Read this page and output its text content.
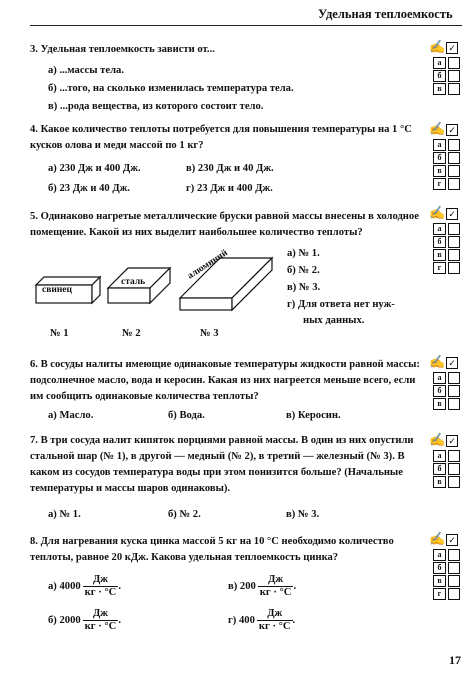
Удельная теплоемкость
3. Удельная теплоемкость зависти от...
а) ...массы тела.
б) ...того, на сколько изменилась температура тела.
в) ...рода вещества, из которого состоит тело.
4. Какое количество теплоты потребуется для повышения температуры на 1 °С кусков олова и меди массой по 1 кг?
а) 230 Дж и 400 Дж.	в) 230 Дж и 40 Дж.
б) 23 Дж и 40 Дж.	г) 23 Дж и 400 Дж.
5. Одинаково нагретые металлические бруски равной массы внесены в холодное помещение. Какой из них выделит наибольшее количество теплоты?
а) № 1.
б) № 2.
в) № 3.
г) Для ответа нет нуж-
ных данных.
свинец
сталь
алюминий
№ 1	№ 2	№ 3
6. В сосуды налиты имеющие одинаковые температуры жидкости равной массы: подсолнечное масло, вода и керосин. Какая из них нагреется меньше всего, если им сообщить одинаковые количества теплоты?
а) Масло.	б) Вода.	в) Керосин.
7. В три сосуда налит кипяток порциями равной массы. В один из них опустили стальной шар (№ 1), в другой — медный (№ 2), в третий — железный (№ 3). В каком из сосудов температура воды при этом понизится больше? (Начальные температуры и массы шаров одинаковы).
а) № 1.	б) № 2.	в) № 3.
8. Для нагревания куска цинка массой 5 кг на 10 °С необходимо количество теплоты, равное 20 кДж. Какова удельная теплоемкость цинка?
а) $4000 \frac{Дж}{кг \cdot ^\circ С}$ .	в) $200 \frac{Дж}{кг \cdot ^\circ С}$ .
б) $2000 \frac{Дж}{кг \cdot ^\circ С}$ .	г) $400 \frac{Дж}{кг \cdot ^\circ С}$ .
✍ ✓
а
б
в
✍ ✓
а
б
в
г
✍ ✓
а
б
в
г
✍ ✓
а
б
в
✍ ✓
а
б
в
✍ ✓
а
б
в
г
17
